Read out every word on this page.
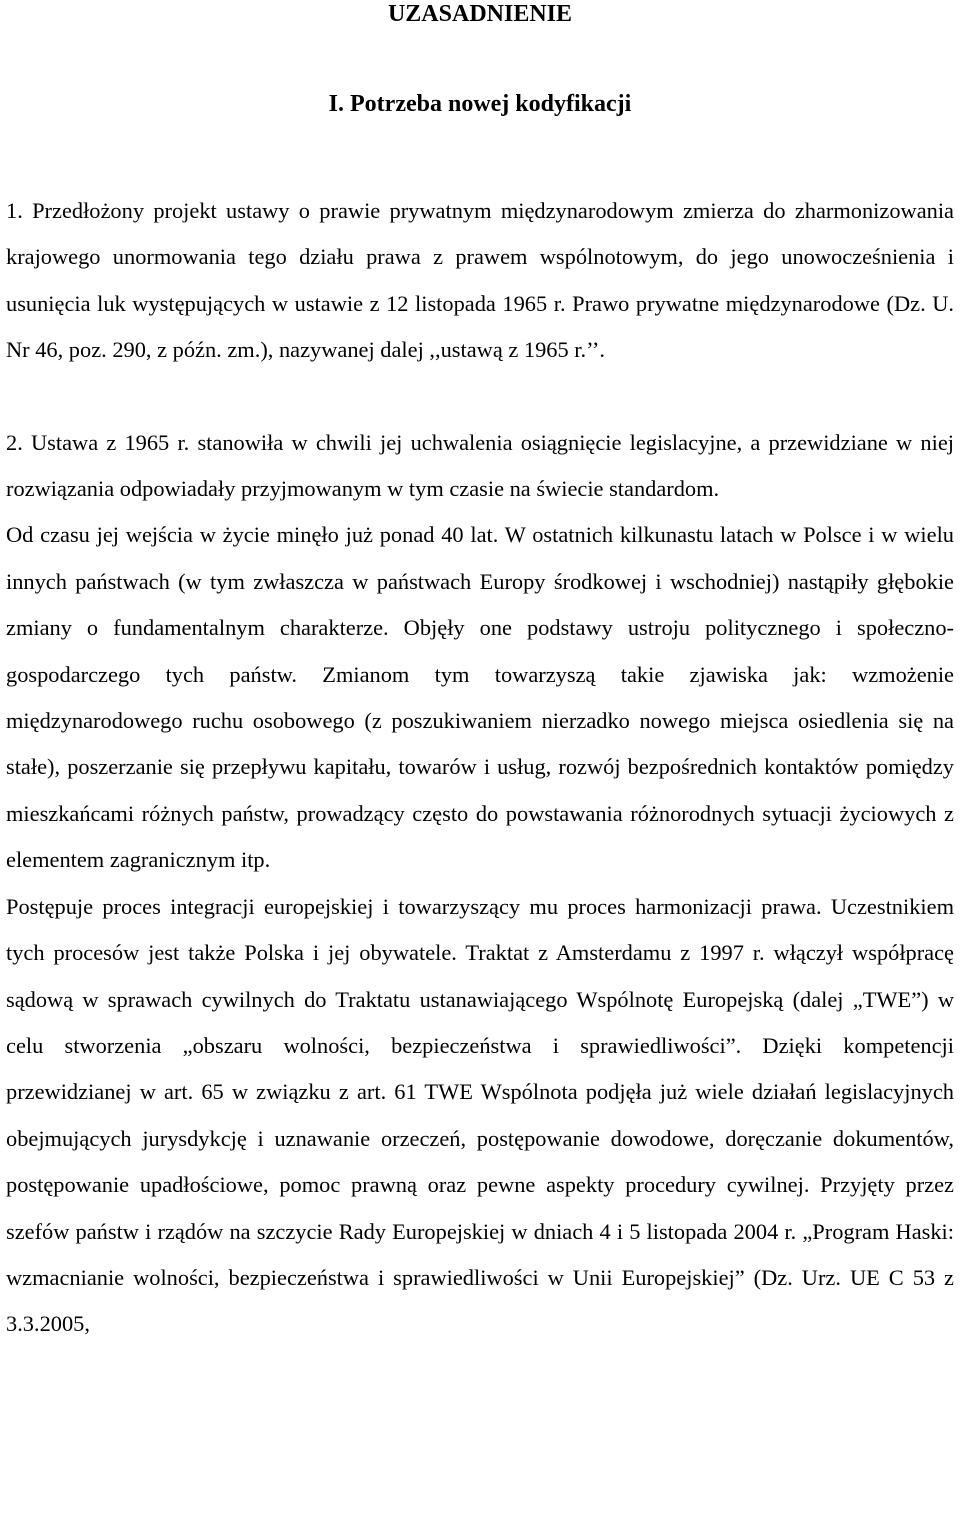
UZASADNIENIE
I. Potrzeba nowej kodyfikacji

1. Przedłożony projekt ustawy o prawie prywatnym międzynarodowym zmierza do zharmonizowania krajowego unormowania tego działu prawa z prawem wspólnotowym, do jego unowocześnienia i usunięcia luk występujących w ustawie z 12 listopada 1965 r. Prawo prywatne międzynarodowe (Dz. U. Nr 46, poz. 290, z późn. zm.), nazywanej dalej ,,ustawą z 1965 r.’’.

2. Ustawa z 1965 r. stanowiła w chwili jej uchwalenia osiągnięcie legislacyjne, a przewidziane w niej rozwiązania odpowiadały przyjmowanym w tym czasie na świecie standardom.

Od czasu jej wejścia w życie minęło już ponad 40 lat. W ostatnich kilkunastu latach w Polsce i w wielu innych państwach (w tym zwłaszcza w państwach Europy środkowej i wschodniej) nastąpiły głębokie zmiany o fundamentalnym charakterze. Objęły one podstawy ustroju politycznego i społeczno-gospodarczego tych państw. Zmianom tym towarzyszą takie zjawiska jak: wzmożenie międzynarodowego ruchu osobowego (z poszukiwaniem nierzadko nowego miejsca osiedlenia się na stałe), poszerzanie się przepływu kapitału, towarów i usług, rozwój bezpośrednich kontaktów pomiędzy mieszkańcami różnych państw, prowadzący często do powstawania różnorodnych sytuacji życiowych z elementem zagranicznym itp.

Postępuje proces integracji europejskiej i towarzyszący mu proces harmonizacji prawa. Uczestnikiem tych procesów jest także Polska i jej obywatele. Traktat z Amsterdamu z 1997 r. włączył współpracę sądową w sprawach cywilnych do Traktatu ustanawiającego Wspólnotę Europejską (dalej „TWE”) w celu stworzenia „obszaru wolności, bezpieczeństwa i sprawiedliwości”. Dzięki kompetencji przewidzianej w art. 65 w związku z art. 61 TWE Wspólnota podjęła już wiele działań legislacyjnych obejmujących jurysdykcję i uznawanie orzeczeń, postępowanie dowodowe, doręczanie dokumentów, postępowanie upadłościowe, pomoc prawną oraz pewne aspekty procedury cywilnej. Przyjęty przez szefów państw i rządów na szczycie Rady Europejskiej w dniach 4 i 5 listopada 2004 r. „Program Haski: wzmacnianie wolności, bezpieczeństwa i sprawiedliwości w Unii Europejskiej” (Dz. Urz. UE C 53 z 3.3.2005,
